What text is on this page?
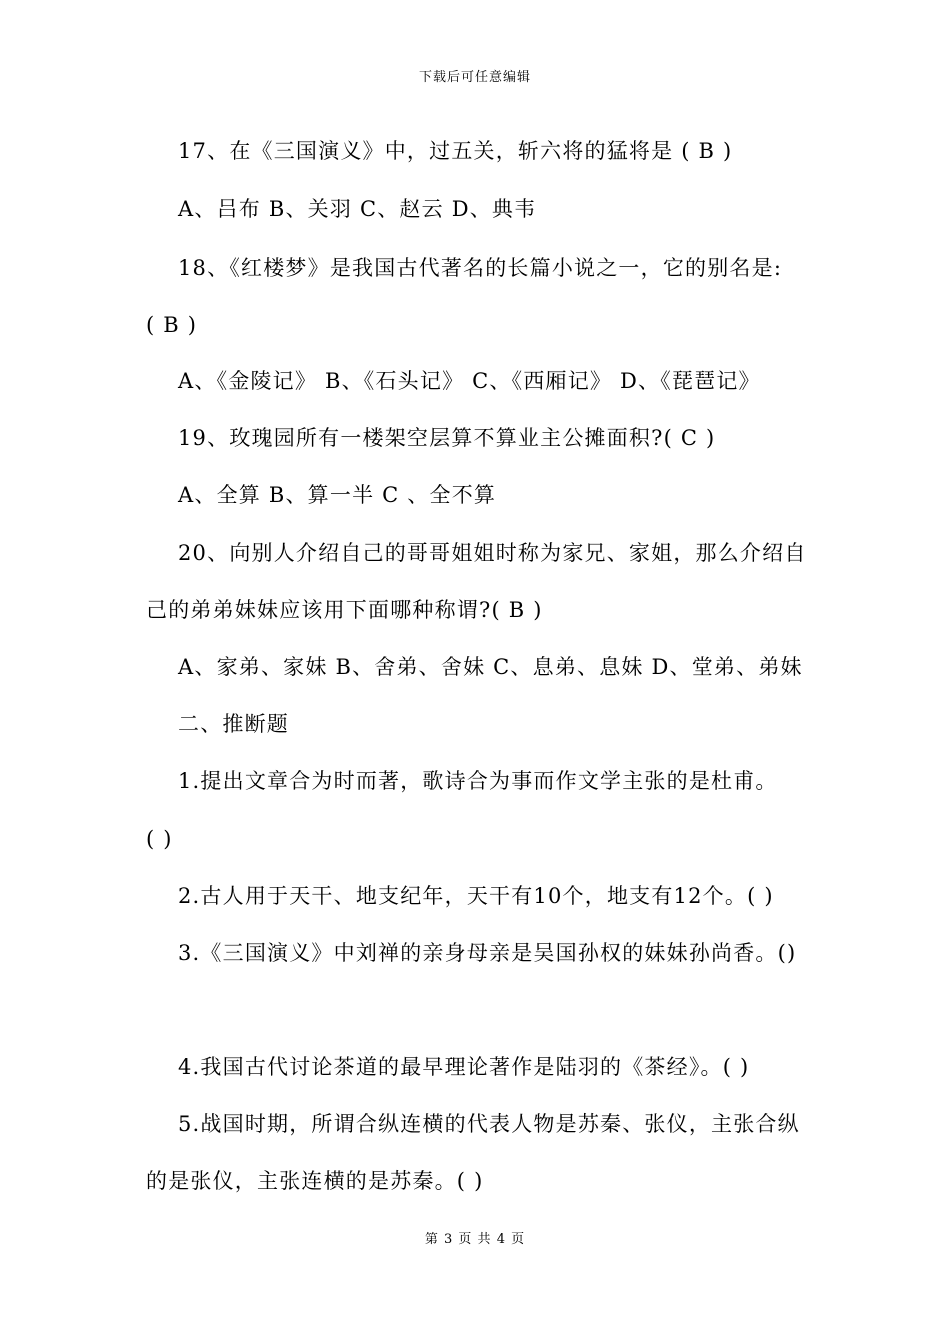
下载后可任意编辑
17、在《三国演义》中，过五关，斩六将的猛将是 ( B )
A、吕布 B、关羽 C、赵云 D、典韦
18、《红楼梦》是我国古代著名的长篇小说之一，它的别名是:
( B )
A、《金陵记》 B、《石头记》 C、《西厢记》 D、《琵琶记》
19、玫瑰园所有一楼架空层算不算业主公摊面积?( C )
A、全算 B、算一半 C 、全不算
20、向别人介绍自己的哥哥姐姐时称为家兄、家姐，那么介绍自
己的弟弟妹妹应该用下面哪种称谓?( B )
A、家弟、家妹 B、舍弟、舍妹 C、息弟、息妹 D、堂弟、弟妹
二、推断题
1.提出文章合为时而著，歌诗合为事而作文学主张的是杜甫。
( )
2.古人用于天干、地支纪年，天干有10个，地支有12个。( )
3.《三国演义》中刘禅的亲身母亲是吴国孙权的妹妹孙尚香。()
4.我国古代讨论茶道的最早理论著作是陆羽的《茶经》。( )
5.战国时期，所谓合纵连横的代表人物是苏秦、张仪，主张合纵
的是张仪，主张连横的是苏秦。( )
第 3 页 共 4 页
